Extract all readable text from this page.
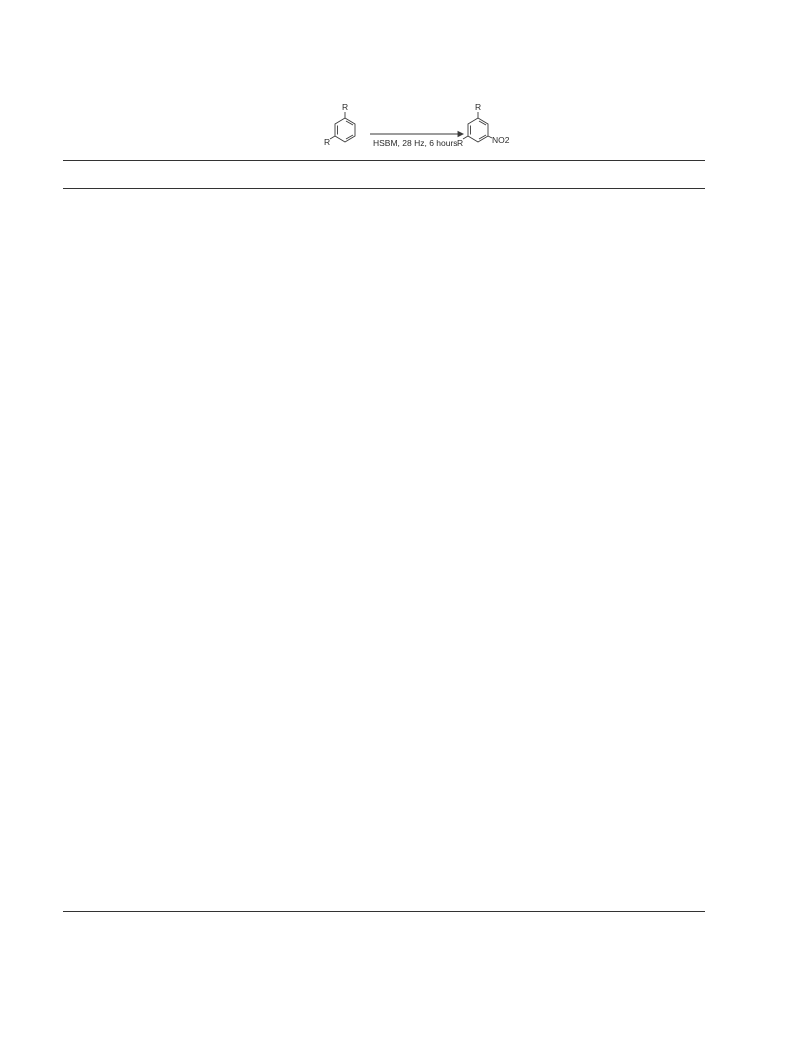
R
R	HSBM, 28 Hz, 6 hours
R
R	NO2
